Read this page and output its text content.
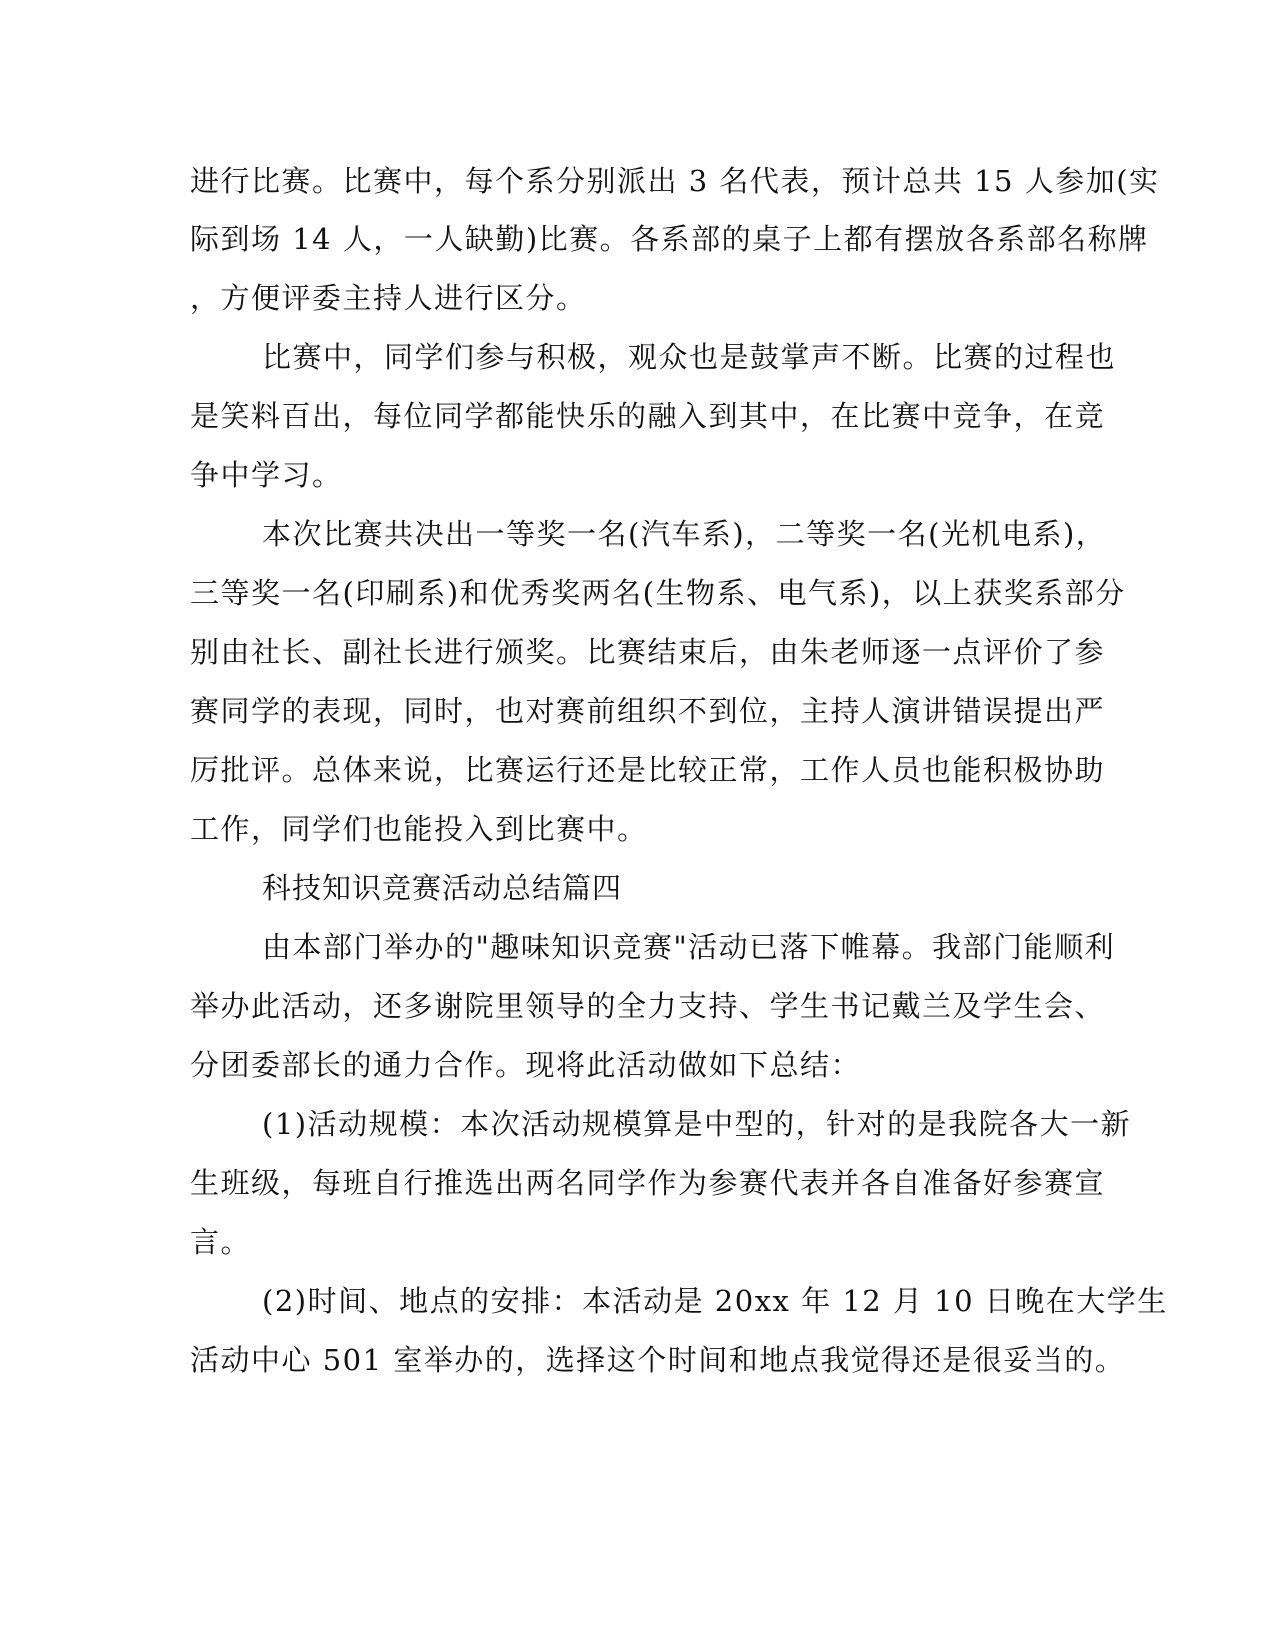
进行比赛。比赛中，每个系分别派出 3 名代表，预计总共 15 人参加(实
际到场 14 人，一人缺勤)比赛。各系部的桌子上都有摆放各系部名称牌
，方便评委主持人进行区分。
比赛中，同学们参与积极，观众也是鼓掌声不断。比赛的过程也
是笑料百出，每位同学都能快乐的融入到其中，在比赛中竞争，在竞
争中学习。
本次比赛共决出一等奖一名(汽车系)，二等奖一名(光机电系)，
三等奖一名(印刷系)和优秀奖两名(生物系、电气系)，以上获奖系部分
别由社长、副社长进行颁奖。比赛结束后，由朱老师逐一点评价了参
赛同学的表现，同时，也对赛前组织不到位，主持人演讲错误提出严
厉批评。总体来说，比赛运行还是比较正常，工作人员也能积极协助
工作，同学们也能投入到比赛中。
科技知识竞赛活动总结篇四
由本部门举办的"趣味知识竞赛"活动已落下帷幕。我部门能顺利
举办此活动，还多谢院里领导的全力支持、学生书记戴兰及学生会、
分团委部长的通力合作。现将此活动做如下总结：
(1)活动规模：本次活动规模算是中型的，针对的是我院各大一新
生班级，每班自行推选出两名同学作为参赛代表并各自准备好参赛宣
言。
(2)时间、地点的安排：本活动是 20xx 年 12 月 10 日晚在大学生
活动中心 501 室举办的，选择这个时间和地点我觉得还是很妥当的。
